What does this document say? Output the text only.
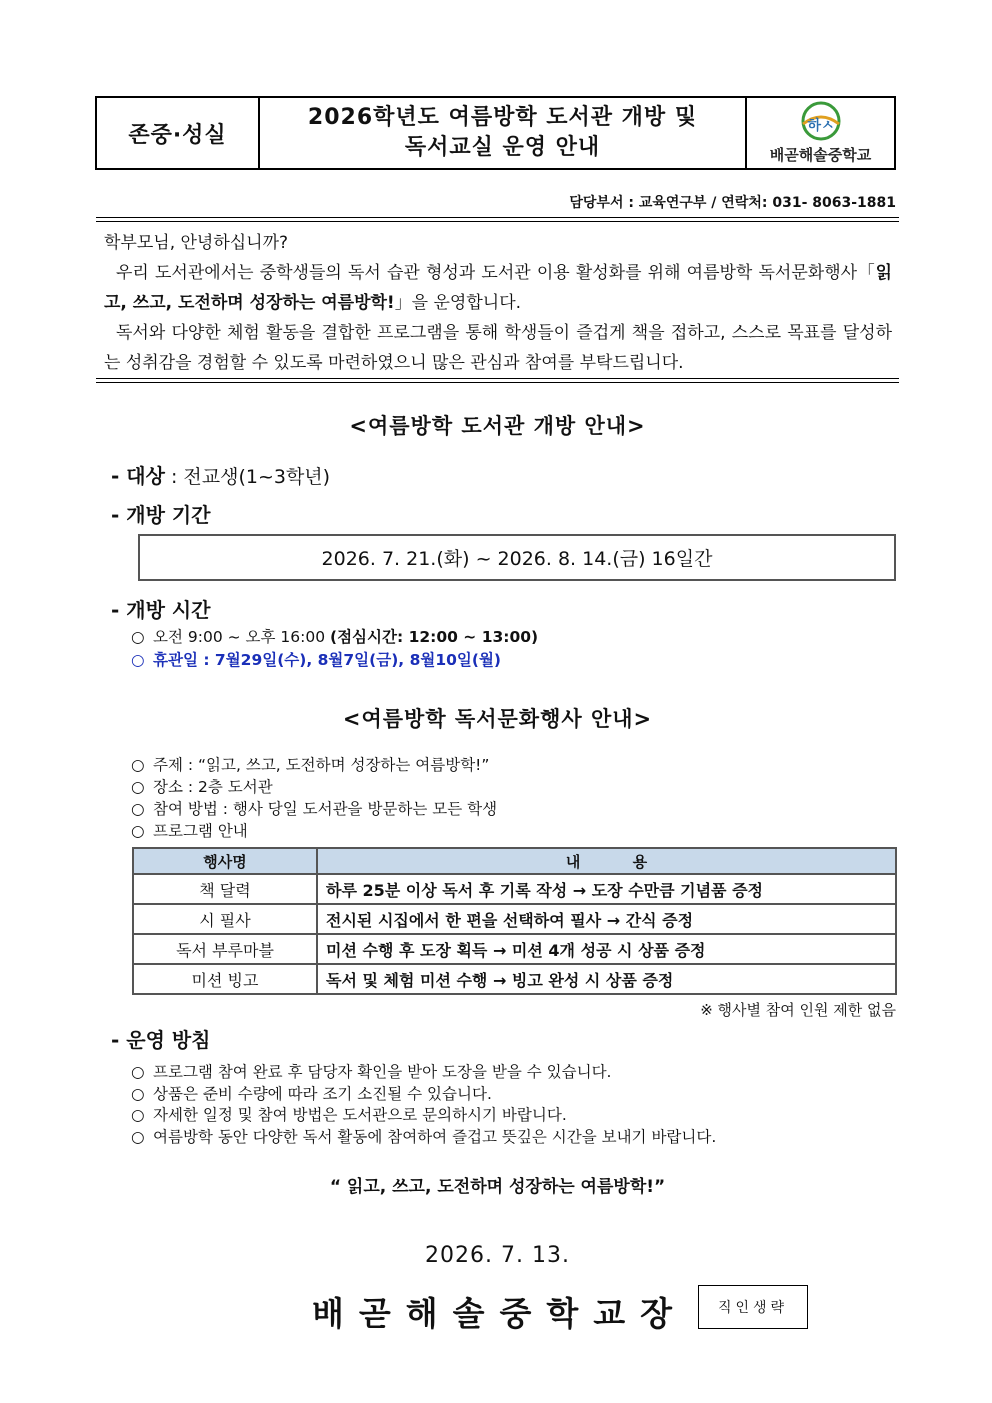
존중·성실
2026학년도 여름방학 도서관 개방 및
독서교실 운영 안내
하ㅅ
배곧해솔중학교
담당부서 : 교육연구부 / 연락처: 031- 8063-1881

학부모님, 안녕하십니까?

우리 도서관에서는 중학생들의 독서 습관 형성과 도서관 이용 활성화를 위해 여름방학 독서문화행사「읽고, 쓰고, 도전하며 성장하는 여름방학!」을 운영합니다.

독서와 다양한 체험 활동을 결합한 프로그램을 통해 학생들이 즐겁게 책을 접하고, 스스로 목표를 달성하는 성취감을 경험할 수 있도록 마련하였으니 많은 관심과 참여를 부탁드립니다.

<여름방학 도서관 개방 안내>
- 대상 : 전교생(1~3학년)
- 개방 기간
2026. 7. 21.(화) ~ 2026. 8. 14.(금) 16일간
- 개방 시간
○ 오전 9:00 ~ 오후 16:00 (점심시간: 12:00 ~ 13:00)
○ 휴관일 : 7월29일(수), 8월7일(금), 8월10일(월)
<여름방학 독서문화행사 안내>
○ 주제 : “읽고, 쓰고, 도전하며 성장하는 여름방학!”
○ 장소 : 2층 도서관
○ 참여 방법 : 행사 당일 도서관을 방문하는 모든 학생
○ 프로그램 안내
행사명	내          용
책 달력	하루 25분 이상 독서 후 기록 작성 → 도장 수만큼 기념품 증정
시 필사	전시된 시집에서 한 편을 선택하여 필사 → 간식 증정
독서 부루마블	미션 수행 후 도장 획득 → 미션 4개 성공 시 상품 증정
미션 빙고	독서 및 체험 미션 수행 → 빙고 완성 시 상품 증정
※ 행사별 참여 인원 제한 없음
- 운영 방침
○ 프로그램 참여 완료 후 담당자 확인을 받아 도장을 받을 수 있습니다.
○ 상품은 준비 수량에 따라 조기 소진될 수 있습니다.
○ 자세한 일정 및 참여 방법은 도서관으로 문의하시기 바랍니다.
○ 여름방학 동안 다양한 독서 활동에 참여하여 즐겁고 뜻깊은 시간을 보내기 바랍니다.
“ 읽고, 쓰고, 도전하며 성장하는 여름방학!”
2026. 7. 13.
배곧해솔중학교장	직인생략
